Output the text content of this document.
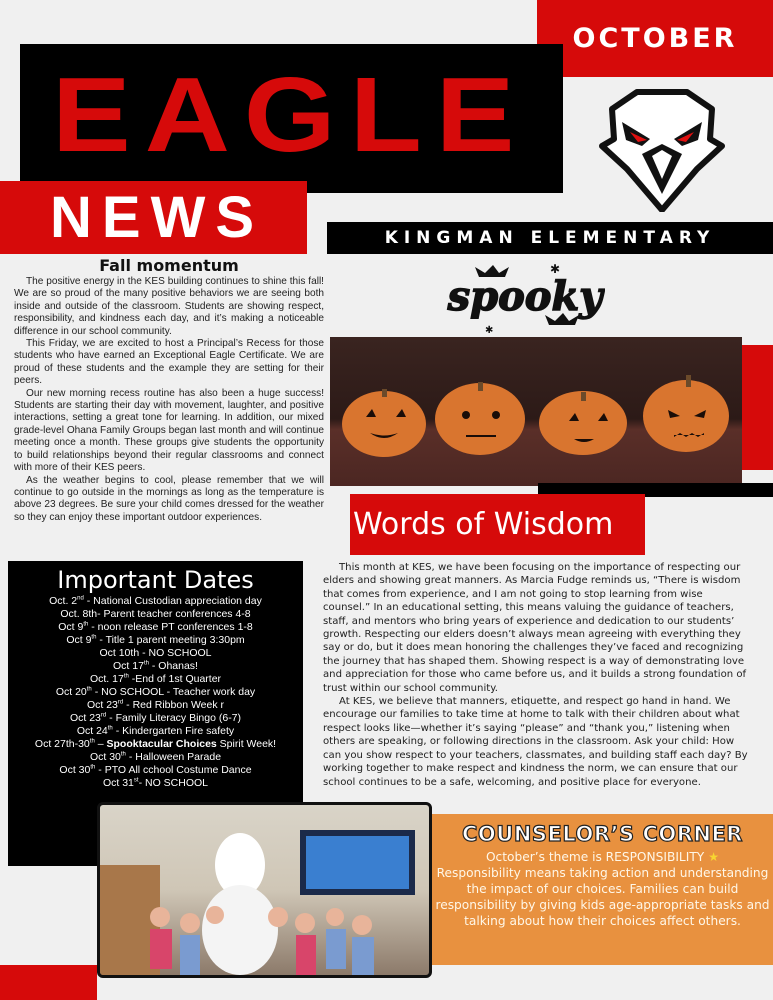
OCTOBER
EAGLE
NEWS	KINGMAN ELEMENTARY
spooky
✱
✱
Words of Wisdom
Fall momentum

The positive energy in the KES building continues to shine this fall! We are so proud of the many positive behaviors we are seeing both inside and outside of the classroom. Students are showing respect, responsibility, and kindness each day, and it’s making a noticeable difference in our school community.

This Friday, we are excited to host a Principal’s Recess for those students who have earned an Exceptional Eagle Certificate. We are proud of these students and the example they are setting for their peers.

Our new morning recess routine has also been a huge success! Students are starting their day with movement, laughter, and positive interactions, setting a great tone for learning. In addition, our mixed grade-level Ohana Family Groups began last month and will continue meeting once a month. These groups give students the opportunity to build relationships beyond their regular classrooms and connect with more of their KES peers.

As the weather begins to cool, please remember that we will continue to go outside in the mornings as long as the temperature is above 23 degrees. Be sure your child comes dressed for the weather so they can enjoy these important outdoor experiences.

Important Dates
Oct. 2nd - National Custodian appreciation day
Oct. 8th- Parent teacher conferences 4-8
Oct 9th - noon release PT conferences 1-8
Oct 9th - Title 1 parent meeting 3:30pm
Oct 10th - NO SCHOOL
Oct 17th - Ohanas!
Oct. 17th -End of 1st Quarter
Oct 20th - NO SCHOOL - Teacher work day
Oct 23rd - Red Ribbon Week r
Oct 23rd - Family Literacy Bingo (6-7)
Oct 24th - Kindergarten Fire safety
Oct 27th-30th – Spooktacular Choices Spirit Week!
Oct 30th - Halloween Parade
Oct 30th - PTO All cchool Costume Dance
Oct 31st- NO SCHOOL

This month at KES, we have been focusing on the importance of respecting our elders and showing great manners. As Marcia Fudge reminds us, “There is wisdom that comes from experience, and I am not going to stop learning from wise counsel.” In an educational setting, this means valuing the guidance of teachers, staff, and mentors who bring years of experience and dedication to our students’ growth. Respecting our elders doesn’t always mean agreeing with everything they say or do, but it does mean honoring the challenges they’ve faced and recognizing the journey that has shaped them. Showing respect is a way of demonstrating love and appreciation for those who came before us, and it builds a strong foundation of trust within our school community.

At KES, we believe that manners, etiquette, and respect go hand in hand. We encourage our families to take time at home to talk with their children about what respect looks like—whether it’s saying “please” and “thank you,” listening when others are speaking, or following directions in the classroom. Ask your child: How can you show respect to your teachers, classmates, and building staff each day? By working together to make respect and kindness the norm, we can ensure that our school continues to be a safe, welcoming, and positive place for everyone.

COUNSELOR’S CORNER

October’s theme is RESPONSIBILITY ★

Responsibility means taking action and understanding the impact of our choices. Families can build responsibility by giving kids age-appropriate tasks and talking about how their choices affect others.
